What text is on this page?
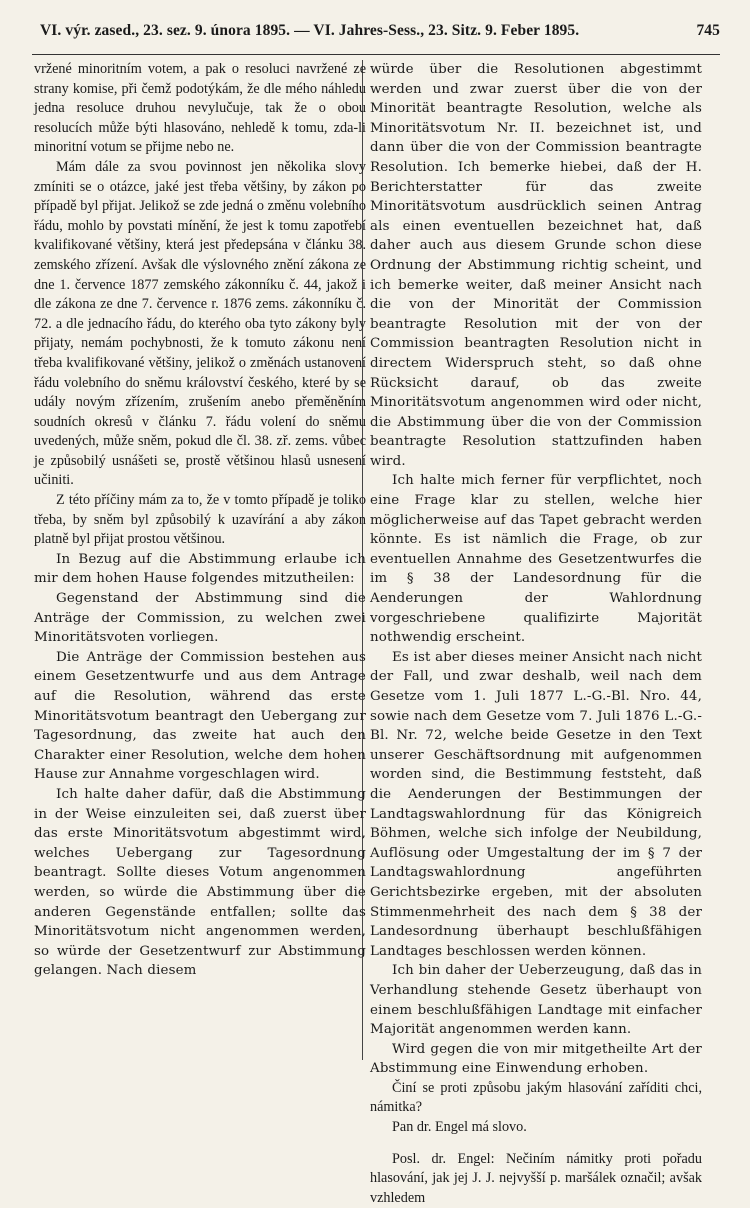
VI. výr. zased., 23. sez. 9. února 1895. — VI. Jahres-Sess., 23. Sitz. 9. Feber 1895.	745

vržené minoritním votem, a pak o resoluci navržené ze strany komise, při čemž podotýkám, že dle mého náhledu jedna resoluce druhou nevylučuje, tak že o obou resolucích může býti hlasováno, nehledě k tomu, zda-li minoritní votum se přijme nebo ne.

Mám dále za svou povinnost jen několika slovy zmíniti se o otázce, jaké jest třeba většiny, by zákon po případě byl přijat. Jelikož se zde jedná o změnu volebního řádu, mohlo by povstati mínění, že jest k tomu zapotřebí kvalifikované většiny, která jest předepsána v článku 38. zemského zřízení. Avšak dle výslovného znění zákona ze dne 1. července 1877 zemského zákonníku č. 44, jakož i dle zákona ze dne 7. července r. 1876 zems. zákonníku č. 72. a dle jednacího řádu, do kterého oba tyto zákony byly přijaty, nemám pochybnosti, že k tomuto zákonu není třeba kvalifikované většiny, jelikož o změnách ustanovení řádu volebního do sněmu království českého, které by se udály novým zřízením, zrušením anebo přeměněním soudních okresů v článku 7. řádu volení do sněmu uvedených, může sněm, pokud dle čl. 38. zř. zems. vůbec je způsobilý usnášeti se, prostě většinou hlasů usnesení učiniti.

Z této příčiny mám za to, že v tomto případě je toliko třeba, by sněm byl způsobilý k uzavírání a aby zákon platně byl přijat prostou většinou.

In Bezug auf die Abstimmung erlaube ich mir dem hohen Hause folgendes mitzutheilen:

Gegenstand der Abstimmung sind die Anträge der Commission, zu welchen zwei Minoritätsvoten vorliegen.

Die Anträge der Commission bestehen aus einem Gesetzentwurfe und aus dem Antrage auf die Resolution, während das erste Minoritätsvotum beantragt den Uebergang zur Tagesordnung, das zweite hat auch den Charakter einer Resolution, welche dem hohen Hause zur Annahme vorgeschlagen wird.

Ich halte daher dafür, daß die Abstimmung in der Weise einzuleiten sei, daß zuerst über das erste Minoritätsvotum abgestimmt wird, welches Uebergang zur Tagesordnung beantragt. Sollte dieses Votum angenommen werden, so würde die Abstimmung über die anderen Gegenstände entfallen; sollte das Minoritätsvotum nicht angenommen werden, so würde der Gesetzentwurf zur Abstimmung gelangen. Nach diesem

würde über die Resolutionen abgestimmt werden und zwar zuerst über die von der Minorität beantragte Resolution, welche als Minoritätsvotum Nr. II. bezeichnet ist, und dann über die von der Commission beantragte Resolution. Ich bemerke hiebei, daß der H. Berichterstatter für das zweite Minoritätsvotum ausdrücklich seinen Antrag als einen eventuellen bezeichnet hat, daß daher auch aus diesem Grunde schon diese Ordnung der Abstimmung richtig scheint, und ich bemerke weiter, daß meiner Ansicht nach die von der Minorität der Commission beantragte Resolution mit der von der Commission beantragten Resolution nicht in directem Widerspruch steht, so daß ohne Rücksicht darauf, ob das zweite Minoritätsvotum angenommen wird oder nicht, die Abstimmung über die von der Commission beantragte Resolution stattzufinden haben wird.

Ich halte mich ferner für verpflichtet, noch eine Frage klar zu stellen, welche hier möglicherweise auf das Tapet gebracht werden könnte. Es ist nämlich die Frage, ob zur eventuellen Annahme des Gesetzentwurfes die im § 38 der Landesordnung für die Aenderungen der Wahlordnung vorgeschriebene qualifizirte Majorität nothwendig erscheint.

Es ist aber dieses meiner Ansicht nach nicht der Fall, und zwar deshalb, weil nach dem Gesetze vom 1. Juli 1877 L.-G.-Bl. Nro. 44, sowie nach dem Gesetze vom 7. Juli 1876 L.-G.-Bl. Nr. 72, welche beide Gesetze in den Text unserer Geschäftsordnung mit aufgenommen worden sind, die Bestimmung feststeht, daß die Aenderungen der Bestimmungen der Landtagswahlordnung für das Königreich Böhmen, welche sich infolge der Neubildung, Auflösung oder Umgestaltung der im § 7 der Landtagswahlordnung angeführten Gerichtsbezirke ergeben, mit der absoluten Stimmenmehrheit des nach dem § 38 der Landesordnung überhaupt beschlußfähigen Landtages beschlossen werden können.

Ich bin daher der Ueberzeugung, daß das in Verhandlung stehende Gesetz überhaupt von einem beschlußfähigen Landtage mit einfacher Majorität angenommen werden kann.

Wird gegen die von mir mitgetheilte Art der Abstimmung eine Einwendung erhoben.

Činí se proti způsobu jakým hlasování zaříditi chci, námitka?

Pan dr. Engel má slovo.

Posl. dr. Engel: Nečiním námitky proti pořadu hlasování, jak jej J. J. nejvyšší p. maršálek označil; avšak vzhledem
